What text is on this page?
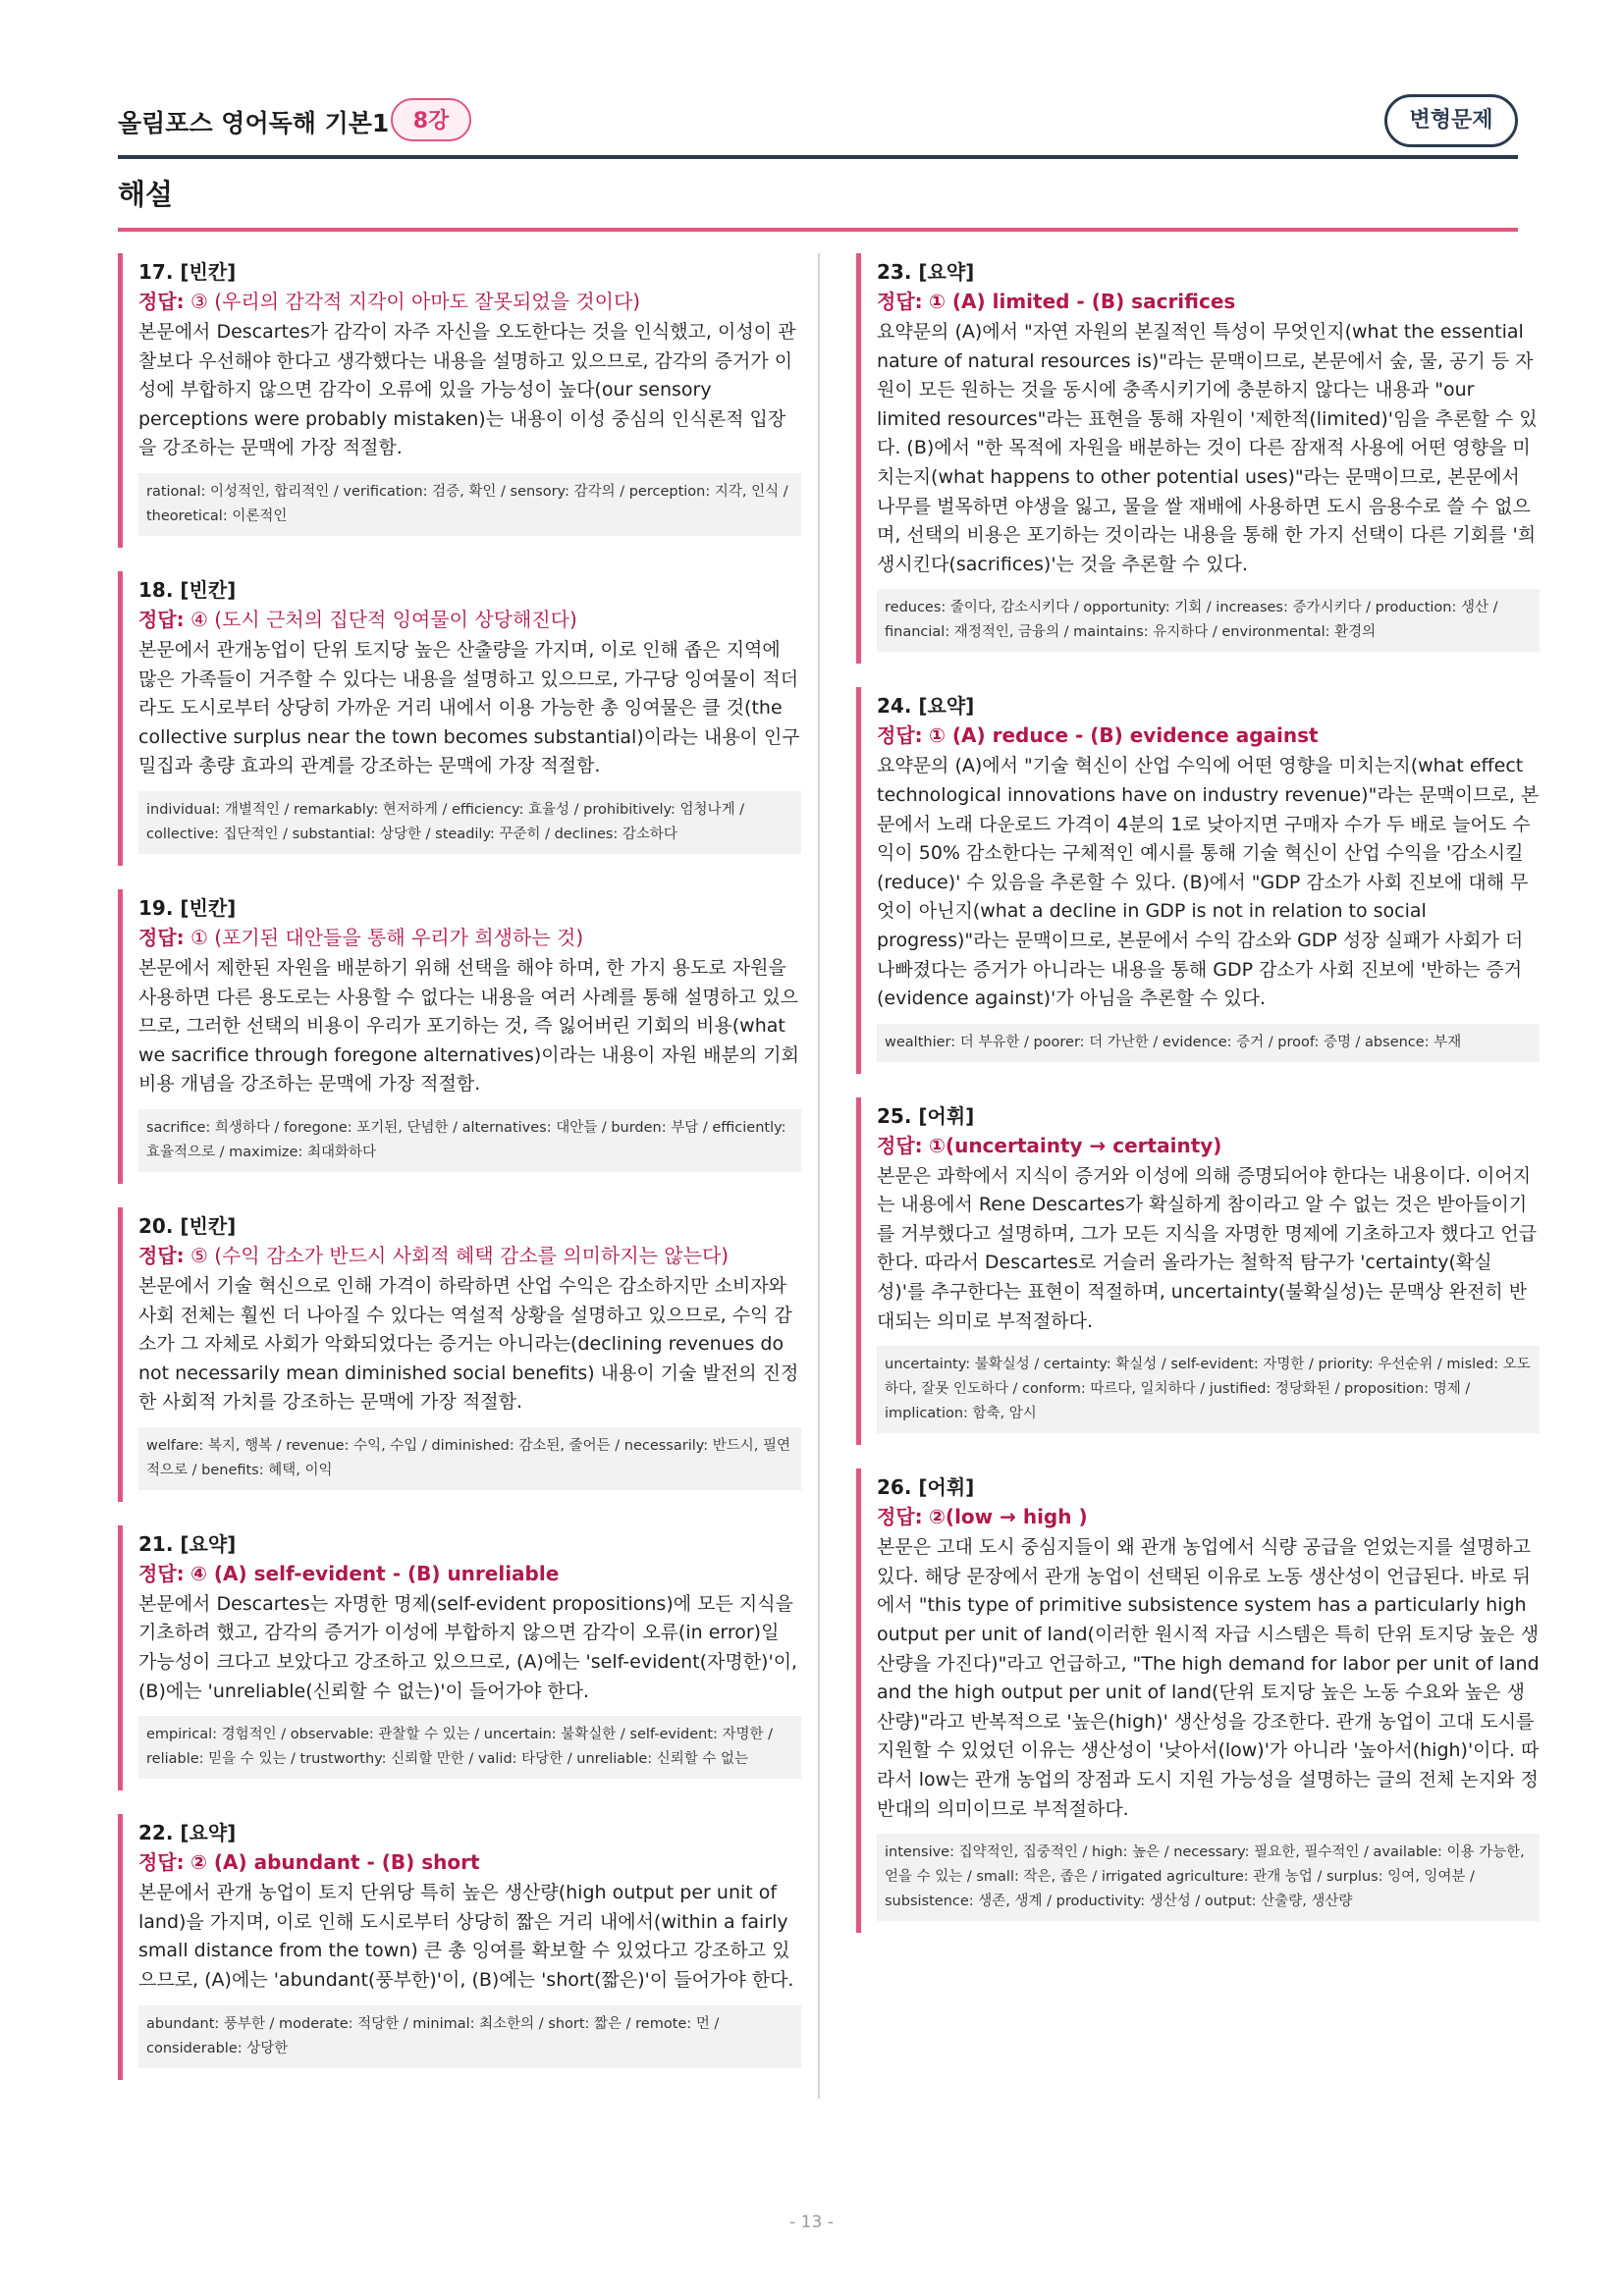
올림포스 영어독해 기본1	8강	변형문제
해설
17. [빈칸]
정답: ③ (우리의 감각적 지각이 아마도 잘못되었을 것이다)

본문에서 Descartes가 감각이 자주 자신을 오도한다는 것을 인식했고, 이성이 관찰보다 우선해야 한다고 생각했다는 내용을 설명하고 있으므로, 감각의 증거가 이성에 부합하지 않으면 감각이 오류에 있을 가능성이 높다(our sensory perceptions were probably mistaken)는 내용이 이성 중심의 인식론적 입장을 강조하는 문맥에 가장 적절함.

rational: 이성적인, 합리적인 / verification: 검증, 확인 / sensory: 감각의 / perception: 지각, 인식 / theoretical: 이론적인
18. [빈칸]
정답: ④ (도시 근처의 집단적 잉여물이 상당해진다)

본문에서 관개농업이 단위 토지당 높은 산출량을 가지며, 이로 인해 좁은 지역에 많은 가족들이 거주할 수 있다는 내용을 설명하고 있으므로, 가구당 잉여물이 적더라도 도시로부터 상당히 가까운 거리 내에서 이용 가능한 총 잉여물은 클 것(the collective surplus near the town becomes substantial)이라는 내용이 인구 밀집과 총량 효과의 관계를 강조하는 문맥에 가장 적절함.

individual: 개별적인 / remarkably: 현저하게 / efficiency: 효율성 / prohibitively: 엄청나게 / collective: 집단적인 / substantial: 상당한 / steadily: 꾸준히 / declines: 감소하다
19. [빈칸]
정답: ① (포기된 대안들을 통해 우리가 희생하는 것)

본문에서 제한된 자원을 배분하기 위해 선택을 해야 하며, 한 가지 용도로 자원을 사용하면 다른 용도로는 사용할 수 없다는 내용을 여러 사례를 통해 설명하고 있으므로, 그러한 선택의 비용이 우리가 포기하는 것, 즉 잃어버린 기회의 비용(what we sacrifice through foregone alternatives)이라는 내용이 자원 배분의 기회비용 개념을 강조하는 문맥에 가장 적절함.

sacrifice: 희생하다 / foregone: 포기된, 단념한 / alternatives: 대안들 / burden: 부담 / efficiently: 효율적으로 / maximize: 최대화하다
20. [빈칸]
정답: ⑤ (수익 감소가 반드시 사회적 혜택 감소를 의미하지는 않는다)

본문에서 기술 혁신으로 인해 가격이 하락하면 산업 수익은 감소하지만 소비자와 사회 전체는 훨씬 더 나아질 수 있다는 역설적 상황을 설명하고 있으므로, 수익 감소가 그 자체로 사회가 악화되었다는 증거는 아니라는(declining revenues do not necessarily mean diminished social benefits) 내용이 기술 발전의 진정한 사회적 가치를 강조하는 문맥에 가장 적절함.

welfare: 복지, 행복 / revenue: 수익, 수입 / diminished: 감소된, 줄어든 / necessarily: 반드시, 필연적으로 / benefits: 혜택, 이익
21. [요약]
정답: ④ (A) self-evident - (B) unreliable

본문에서 Descartes는 자명한 명제(self-evident propositions)에 모든 지식을 기초하려 했고, 감각의 증거가 이성에 부합하지 않으면 감각이 오류(in error)일 가능성이 크다고 보았다고 강조하고 있으므로, (A)에는 'self-evident(자명한)'이, (B)에는 'unreliable(신뢰할 수 없는)'이 들어가야 한다.

empirical: 경험적인 / observable: 관찰할 수 있는 / uncertain: 불확실한 / self-evident: 자명한 / reliable: 믿을 수 있는 / trustworthy: 신뢰할 만한 / valid: 타당한 / unreliable: 신뢰할 수 없는
22. [요약]
정답: ② (A) abundant - (B) short

본문에서 관개 농업이 토지 단위당 특히 높은 생산량(high output per unit of land)을 가지며, 이로 인해 도시로부터 상당히 짧은 거리 내에서(within a fairly small distance from the town) 큰 총 잉여를 확보할 수 있었다고 강조하고 있으므로, (A)에는 'abundant(풍부한)'이, (B)에는 'short(짧은)'이 들어가야 한다.

abundant: 풍부한 / moderate: 적당한 / minimal: 최소한의 / short: 짧은 / remote: 먼 / considerable: 상당한
23. [요약]
정답: ① (A) limited - (B) sacrifices

요약문의 (A)에서 "자연 자원의 본질적인 특성이 무엇인지(what the essential nature of natural resources is)"라는 문맥이므로, 본문에서 숲, 물, 공기 등 자원이 모든 원하는 것을 동시에 충족시키기에 충분하지 않다는 내용과 "our limited resources"라는 표현을 통해 자원이 '제한적(limited)'임을 추론할 수 있다. (B)에서 "한 목적에 자원을 배분하는 것이 다른 잠재적 사용에 어떤 영향을 미치는지(what happens to other potential uses)"라는 문맥이므로, 본문에서 나무를 벌목하면 야생을 잃고, 물을 쌀 재배에 사용하면 도시 음용수로 쓸 수 없으며, 선택의 비용은 포기하는 것이라는 내용을 통해 한 가지 선택이 다른 기회를 '희생시킨다(sacrifices)'는 것을 추론할 수 있다.

reduces: 줄이다, 감소시키다 / opportunity: 기회 / increases: 증가시키다 / production: 생산 / financial: 재정적인, 금융의 / maintains: 유지하다 / environmental: 환경의
24. [요약]
정답: ① (A) reduce - (B) evidence against

요약문의 (A)에서 "기술 혁신이 산업 수익에 어떤 영향을 미치는지(what effect technological innovations have on industry revenue)"라는 문맥이므로, 본문에서 노래 다운로드 가격이 4분의 1로 낮아지면 구매자 수가 두 배로 늘어도 수익이 50% 감소한다는 구체적인 예시를 통해 기술 혁신이 산업 수익을 '감소시킬(reduce)' 수 있음을 추론할 수 있다. (B)에서 "GDP 감소가 사회 진보에 대해 무엇이 아닌지(what a decline in GDP is not in relation to social progress)"라는 문맥이므로, 본문에서 수익 감소와 GDP 성장 실패가 사회가 더 나빠졌다는 증거가 아니라는 내용을 통해 GDP 감소가 사회 진보에 '반하는 증거(evidence against)'가 아님을 추론할 수 있다.

wealthier: 더 부유한 / poorer: 더 가난한 / evidence: 증거 / proof: 증명 / absence: 부재
25. [어휘]
정답: ①(uncertainty → certainty)

본문은 과학에서 지식이 증거와 이성에 의해 증명되어야 한다는 내용이다. 이어지는 내용에서 Rene Descartes가 확실하게 참이라고 알 수 없는 것은 받아들이기를 거부했다고 설명하며, 그가 모든 지식을 자명한 명제에 기초하고자 했다고 언급한다. 따라서 Descartes로 거슬러 올라가는 철학적 탐구가 'certainty(확실성)'를 추구한다는 표현이 적절하며, uncertainty(불확실성)는 문맥상 완전히 반대되는 의미로 부적절하다.

uncertainty: 불확실성 / certainty: 확실성 / self-evident: 자명한 / priority: 우선순위 / misled: 오도하다, 잘못 인도하다 / conform: 따르다, 일치하다 / justified: 정당화된 / proposition: 명제 / implication: 함축, 암시
26. [어휘]
정답: ②(low → high )

본문은 고대 도시 중심지들이 왜 관개 농업에서 식량 공급을 얻었는지를 설명하고 있다. 해당 문장에서 관개 농업이 선택된 이유로 노동 생산성이 언급된다. 바로 뒤에서 "this type of primitive subsistence system has a particularly high output per unit of land(이러한 원시적 자급 시스템은 특히 단위 토지당 높은 생산량을 가진다)"라고 언급하고, "The high demand for labor per unit of land and the high output per unit of land(단위 토지당 높은 노동 수요와 높은 생산량)"라고 반복적으로 '높은(high)' 생산성을 강조한다. 관개 농업이 고대 도시를 지원할 수 있었던 이유는 생산성이 '낮아서(low)'가 아니라 '높아서(high)'이다. 따라서 low는 관개 농업의 장점과 도시 지원 가능성을 설명하는 글의 전체 논지와 정반대의 의미이므로 부적절하다.

intensive: 집약적인, 집중적인 / high: 높은 / necessary: 필요한, 필수적인 / available: 이용 가능한, 얻을 수 있는 / small: 작은, 좁은 / irrigated agriculture: 관개 농업 / surplus: 잉여, 잉여분 / subsistence: 생존, 생계 / productivity: 생산성 / output: 산출량, 생산량
- 13 -
